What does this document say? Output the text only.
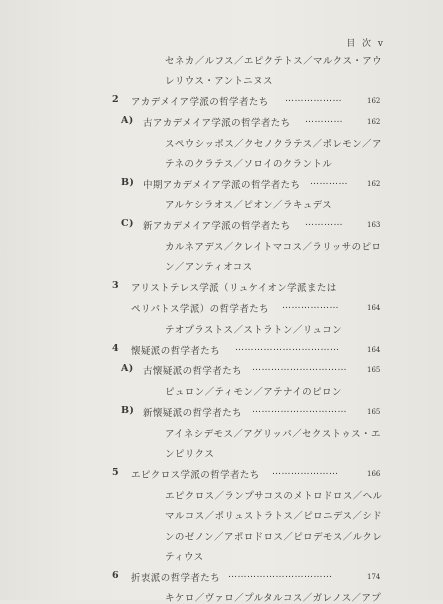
目 次 v
セネカ／ルフス／エピクテトス／マルクス・アウ
レリウス・アントニヌス
2 アカデメイア学派の哲学者たち ………………	162
A) 古アカデメイア学派の哲学者たち …………	162
スペウシッポス／クセノクラテス／ポレモン／ア
テネのクラテス／ソロイのクラントル
B) 中期アカデメイア学派の哲学者たち …………	162
アルケシラオス／ピオン／ラキュデス
C) 新アカデメイア学派の哲学者たち …………	163
カルネアデス／クレイトマコス／ラリッサのピロ
ン／アンティオコス
3 アリストテレス学派（リュケイオン学派または
ペリパトス学派）の哲学者たち ………………	164
テオプラストス／ストラトン／リュコン
4 懐疑派の哲学者たち ……………………………	164
A) 古懐疑派の哲学者たち …………………………	165
ピュロン／ティモン／アテナイのピロン
B) 新懐疑派の哲学者たち …………………………	165
アイネシデモス／アグリッパ／セクストゥス・エ
ンピリクス
5 エピクロス学派の哲学者たち …………………	166
エピクロス／ランプサコスのメトロドロス／ヘル
マルコス／ポリュストラトス／ピロニデス／シド
ンのゼノン／アポロドロス／ピロデモス／ルクレ
ティウス
6 折衷派の哲学者たち ……………………………	174
キケロ／ヴァロ／プルタルコス／ガレノス／アプ
